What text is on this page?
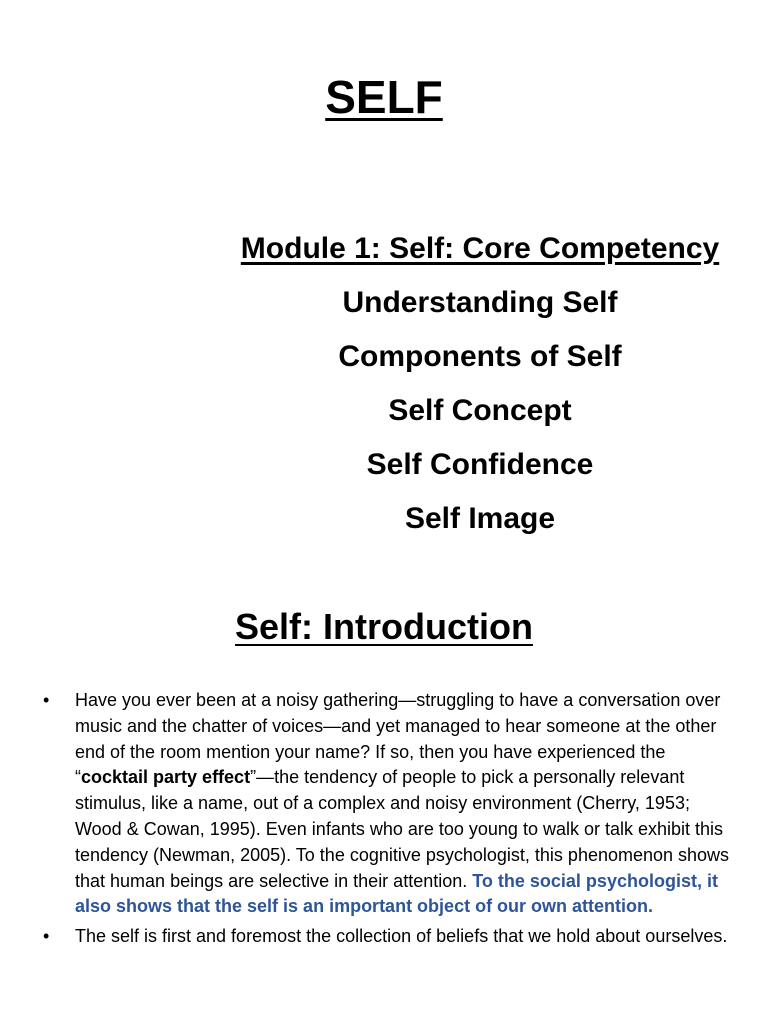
SELF
Module 1: Self: Core Competency
Understanding Self
Components of Self
Self Concept
Self Confidence
Self Image
Self: Introduction
• Have you ever been at a noisy gathering—struggling to have a conversation over music and the chatter of voices—and yet managed to hear someone at the other end of the room mention your name? If so, then you have experienced the “cocktail party effect”—the tendency of people to pick a personally relevant stimulus, like a name, out of a complex and noisy environment (Cherry, 1953; Wood & Cowan, 1995). Even infants who are too young to walk or talk exhibit this tendency (Newman, 2005). To the cognitive psychologist, this phenomenon shows that human beings are selective in their attention. To the social psychologist, it also shows that the self is an important object of our own attention.
• The self is first and foremost the collection of beliefs that we hold about ourselves.
